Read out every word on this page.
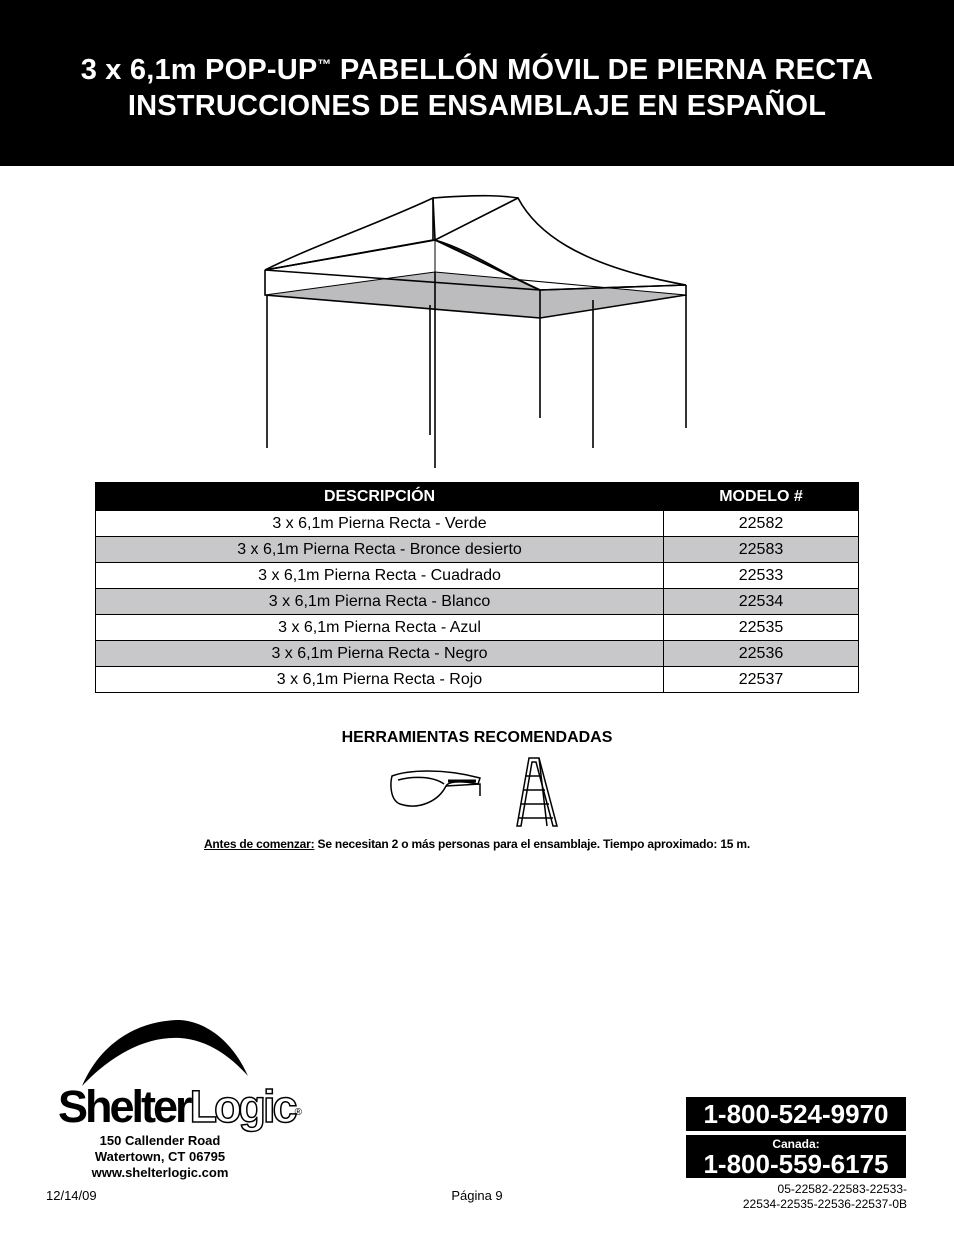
3 x 6,1m POP-UP™ PABELLÓN MÓVIL DE PIERNA RECTA
INSTRUCCIONES DE ENSAMBLAJE EN ESPAÑOL
DESCRIPCIÓN	MODELO #
3 x 6,1m Pierna Recta - Verde	22582
3 x 6,1m Pierna Recta - Bronce desierto	22583
3 x 6,1m Pierna Recta - Cuadrado	22533
3 x 6,1m Pierna Recta - Blanco	22534
3 x 6,1m Pierna Recta - Azul	22535
3 x 6,1m Pierna Recta - Negro	22536
3 x 6,1m Pierna Recta - Rojo	22537
HERRAMIENTAS RECOMENDADAS
Antes de comenzar: Se necesitan 2 o más personas para el ensamblaje. Tiempo aproximado: 15 m.
ShelterLogic®
150 Callender Road
Watertown, CT 06795
www.shelterlogic.com
1-800-524-9970
Canada:
1-800-559-6175
12/14/09	Página 9	05-22582-22583-22533-
22534-22535-22536-22537-0B
